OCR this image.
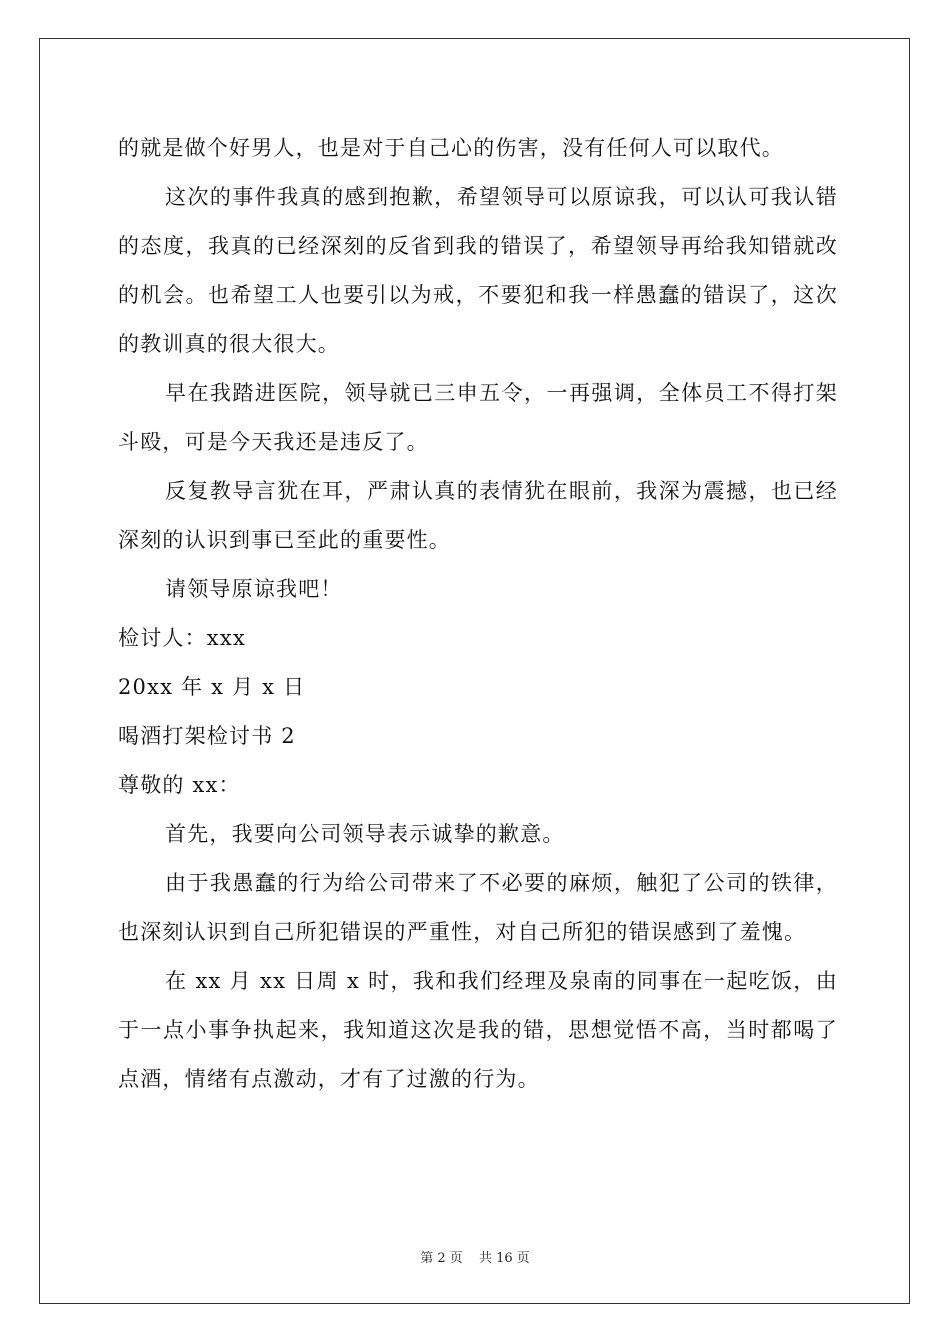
的就是做个好男人，也是对于自己心的伤害，没有任何人可以取代。
这次的事件我真的感到抱歉，希望领导可以原谅我，可以认可我认错的态度，我真的已经深刻的反省到我的错误了，希望领导再给我知错就改的机会。也希望工人也要引以为戒，不要犯和我一样愚蠢的错误了，这次的教训真的很大很大。
早在我踏进医院，领导就已三申五令，一再强调，全体员工不得打架斗殴，可是今天我还是违反了。
反复教导言犹在耳，严肃认真的表情犹在眼前，我深为震撼，也已经深刻的认识到事已至此的重要性。
请领导原谅我吧！
检讨人：xxx
20xx 年 x 月 x 日
喝酒打架检讨书 2
尊敬的 xx：
首先，我要向公司领导表示诚挚的歉意。
由于我愚蠢的行为给公司带来了不必要的麻烦，触犯了公司的铁律，也深刻认识到自己所犯错误的严重性，对自己所犯的错误感到了羞愧。
在 xx 月 xx 日周 x 时，我和我们经理及泉南的同事在一起吃饭，由于一点小事争执起来，我知道这次是我的错，思想觉悟不高，当时都喝了点酒，情绪有点激动，才有了过激的行为。
第 2 页 共 16 页
